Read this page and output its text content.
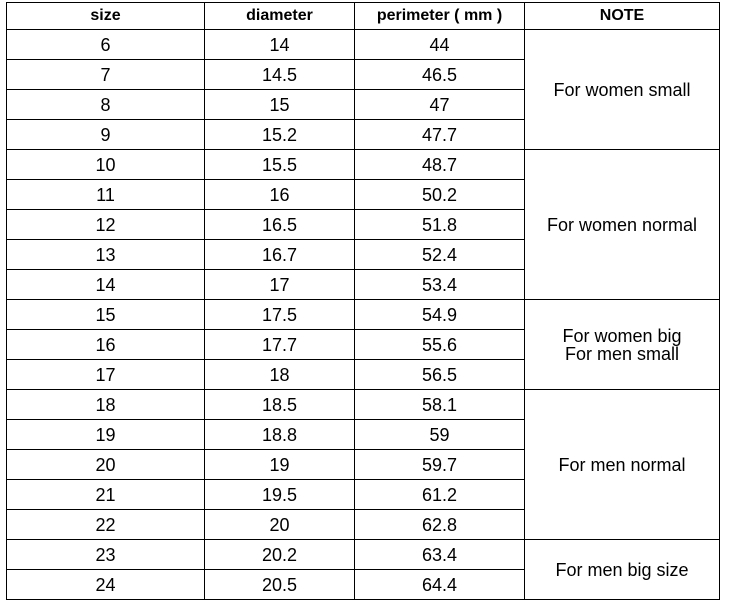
size	diameter	perimeter ( mm )	NOTE
6	14	44	For women small

7	14.5	46.5	
8	15	47	
9	15.2	47.7	
10	15.5	48.7	For women normal

11	16	50.2	
12	16.5	51.8	
13	16.7	52.4	
14	17	53.4	
15	17.5	54.9	For women big
For men small

16	17.7	55.6	
17	18	56.5	
18	18.5	58.1	For men normal

19	18.8	59	
20	19	59.7	
21	19.5	61.2	
22	20	62.8	
23	20.2	63.4	For men big size

24	20.5	64.4	
